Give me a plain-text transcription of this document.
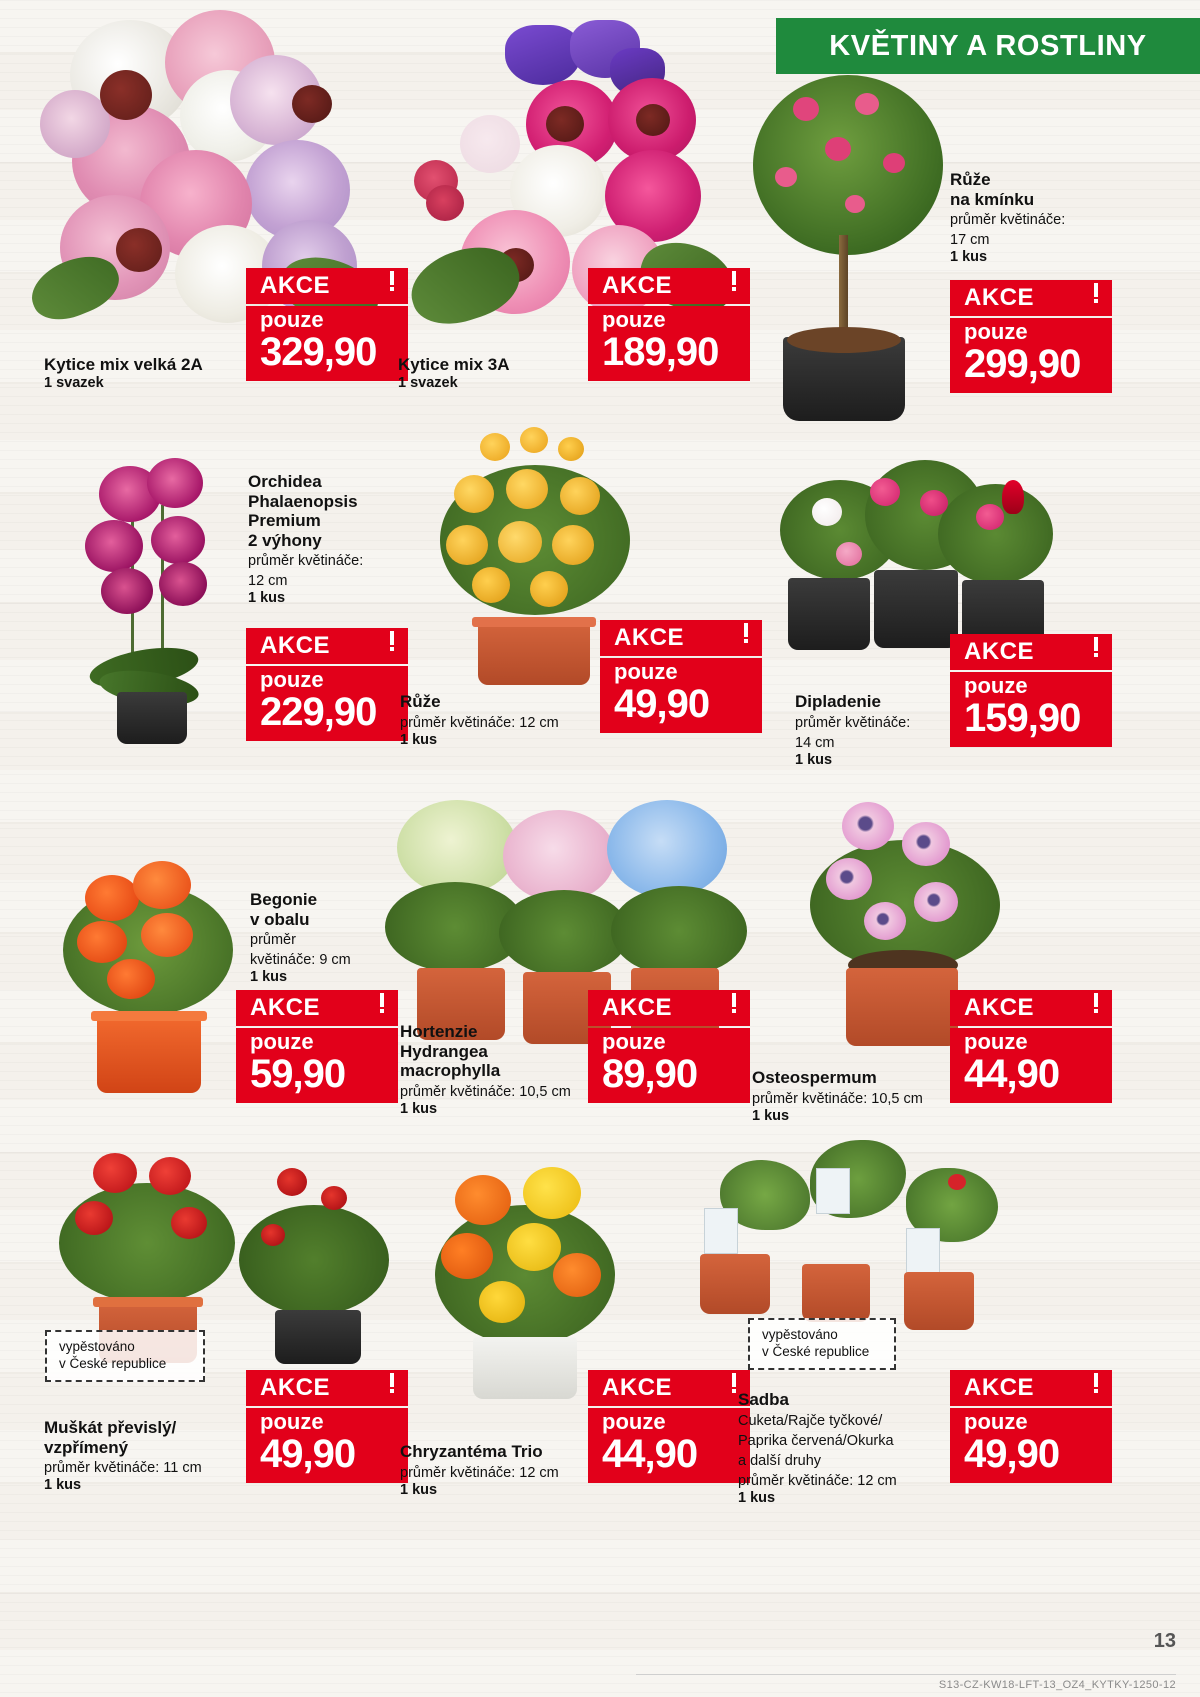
KVĚTINY A ROSTLINY
AKCE
pouze
329,90
AKCE
pouze
189,90
AKCE
pouze
299,90
Kytice mix velká 2A
1 svazek
Kytice mix 3A
1 svazek
Růže
na kmínku
průměr květináče:
17 cm
1 kus
AKCE
pouze
229,90
AKCE
pouze
49,90
AKCE
pouze
159,90
Orchidea
Phalaenopsis
Premium
2 výhony
průměr květináče:
12 cm
1 kus
Růže
průměr květináče: 12 cm
1 kus
Dipladenie
průměr květináče:
14 cm
1 kus
AKCE
pouze
59,90
AKCE
pouze
89,90
AKCE
pouze
44,90
Begonie
v obalu
průměr
květináče: 9 cm
1 kus
Hortenzie
Hydrangea
macrophylla
průměr květináče: 10,5 cm
1 kus
Osteospermum
průměr květináče: 10,5 cm
1 kus
vypěstováno
v České republice
vypěstováno
v České republice
AKCE
pouze
49,90
AKCE
pouze
44,90
AKCE
pouze
49,90
Muškát převislý/
vzpřímený
průměr květináče: 11 cm
1 kus
Chryzantéma Trio
průměr květináče: 12 cm
1 kus
Sadba
Cuketa/Rajče tyčkové/
Paprika červená/Okurka
a další druhy
průměr květináče: 12 cm
1 kus
13
S13-CZ-KW18-LFT-13_OZ4_KYTKY-1250-12
